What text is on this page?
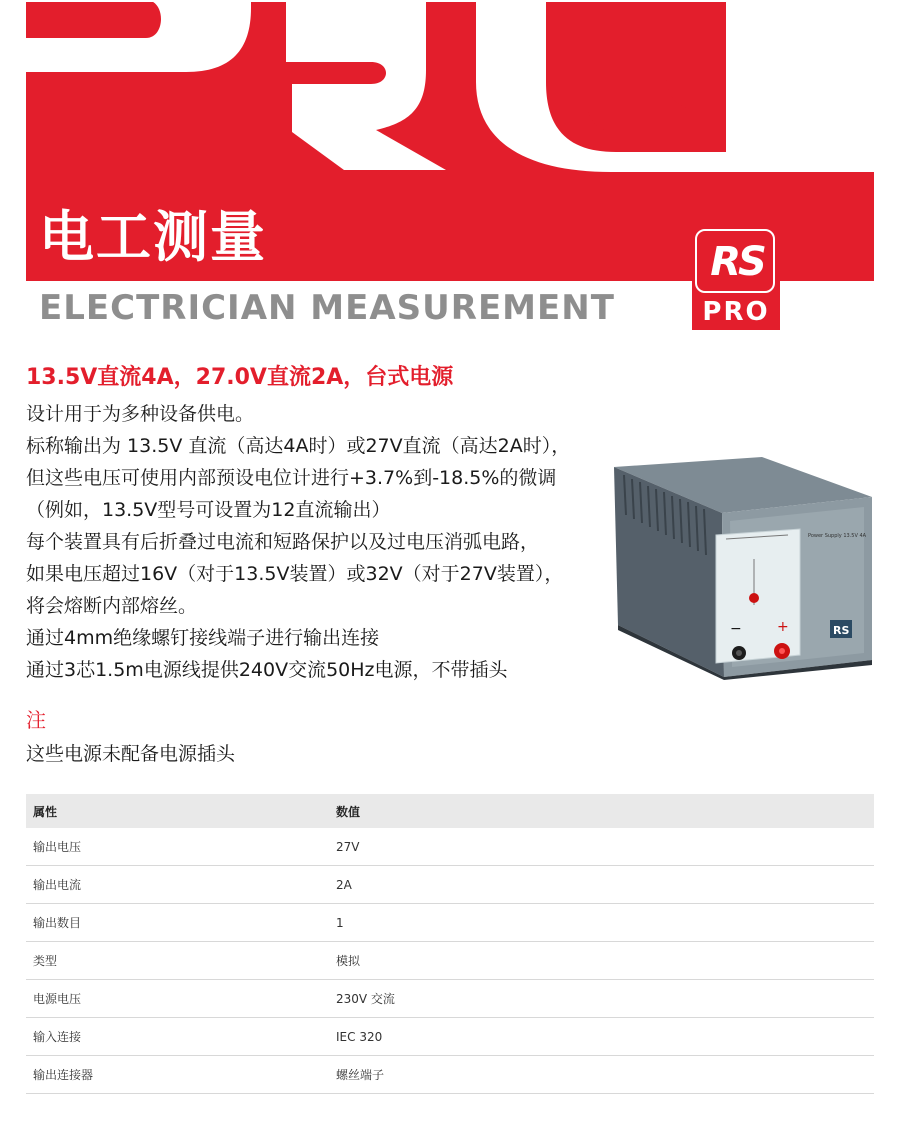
电工测量
ELECTRICIAN MEASUREMENT
RS
PRO
13.5V直流4A，27.0V直流2A，台式电源
设计用于为多种设备供电。
标称输出为 13.5V 直流（高达4A时）或27V直流（高达2A时），
但这些电压可使用内部预设电位计进行+3.7%到-18.5%的微调
（例如，13.5V型号可设置为12直流输出）
每个装置具有后折叠过电流和短路保护以及过电压消弧电路，
如果电压超过16V（对于13.5V装置）或32V（对于27V装置），
将会熔断内部熔丝。
通过4mm绝缘螺钉接线端子进行输出连接
通过3芯1.5m电源线提供240V交流50Hz电源，不带插头
−	+
Power Supply 13.5V 4A
RS
注
这些电源未配备电源插头
属性	数值
输出电压	27V
输出电流	2A
输出数目	1
类型	模拟
电源电压	230V 交流
输入连接	IEC 320
输出连接器	螺丝端子
